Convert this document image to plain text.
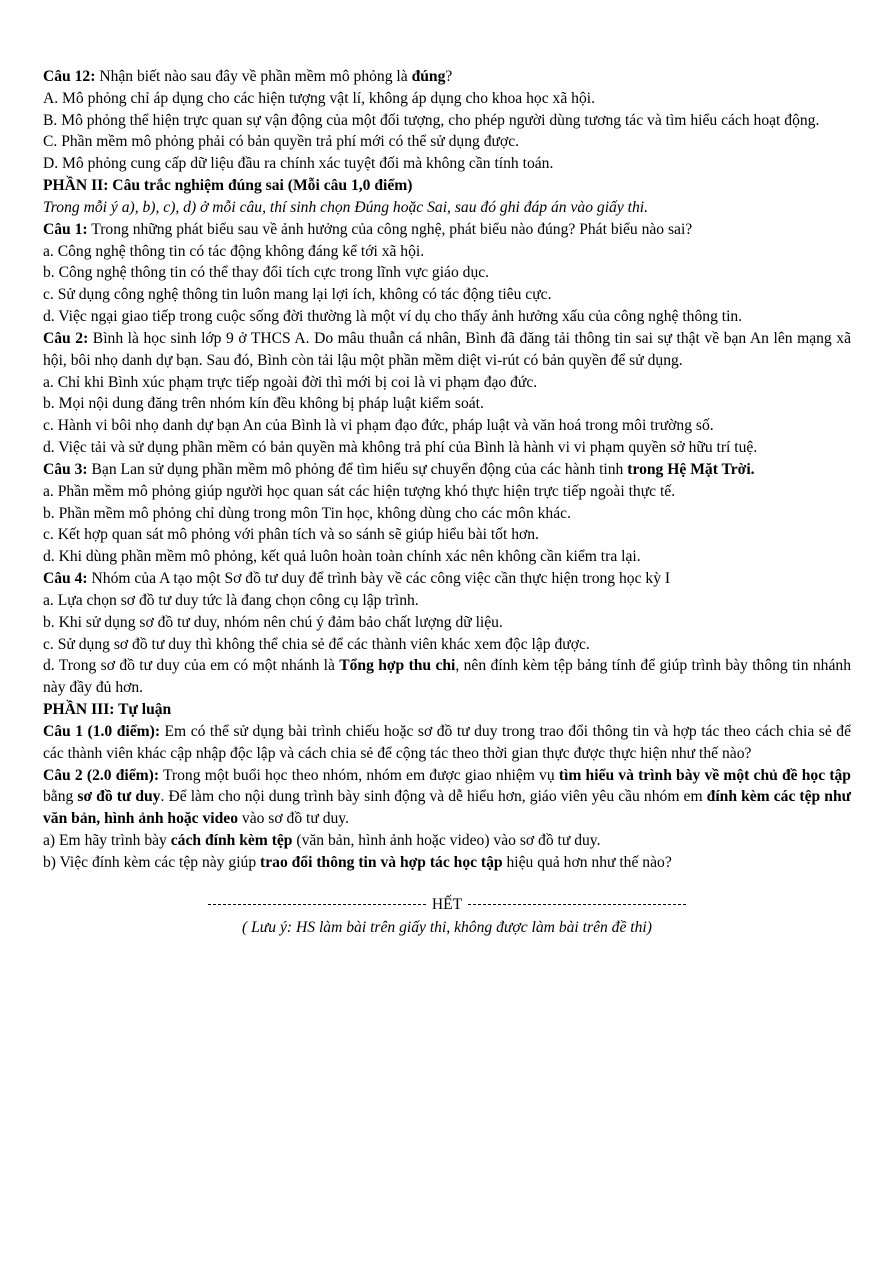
Câu 12: Nhận biết nào sau đây về phần mềm mô phỏng là đúng?

A. Mô phỏng chỉ áp dụng cho các hiện tượng vật lí, không áp dụng cho khoa học xã hội.

B. Mô phỏng thể hiện trực quan sự vận động của một đối tượng, cho phép người dùng tương tác và tìm hiểu cách hoạt động.

C. Phần mềm mô phỏng phải có bản quyền trả phí mới có thể sử dụng được.

D. Mô phỏng cung cấp dữ liệu đầu ra chính xác tuyệt đối mà không cần tính toán.

PHẦN II: Câu trắc nghiệm đúng sai (Mỗi câu 1,0 điểm)

Trong mỗi ý a), b), c), d) ở mỗi câu, thí sinh chọn Đúng hoặc Sai, sau đó ghi đáp án vào giấy thi.

Câu 1: Trong những phát biểu sau về ảnh hưởng của công nghệ, phát biểu nào đúng? Phát biểu nào sai?

a. Công nghệ thông tin có tác động không đáng kể tới xã hội.

b. Công nghệ thông tin có thể thay đổi tích cực trong lĩnh vực giáo dục.

c. Sử dụng công nghệ thông tin luôn mang lại lợi ích, không có tác động tiêu cực.

d. Việc ngại giao tiếp trong cuộc sống đời thường là một ví dụ cho thấy ảnh hưởng xấu của công nghệ thông tin.

Câu 2: Bình là học sinh lớp 9 ở THCS A. Do mâu thuẫn cá nhân, Bình đã đăng tải thông tin sai sự thật về bạn An lên mạng xã hội, bôi nhọ danh dự bạn. Sau đó, Bình còn tải lậu một phần mềm diệt vi-rút có bản quyền để sử dụng.

a. Chỉ khi Bình xúc phạm trực tiếp ngoài đời thì mới bị coi là vi phạm đạo đức.

b. Mọi nội dung đăng trên nhóm kín đều không bị pháp luật kiểm soát.

c. Hành vi bôi nhọ danh dự bạn An của Bình là vi phạm đạo đức, pháp luật và văn hoá trong môi trường số.

d. Việc tải và sử dụng phần mềm có bản quyền mà không trả phí của Bình là hành vi vi phạm quyền sở hữu trí tuệ.

Câu 3: Bạn Lan sử dụng phần mềm mô phỏng để tìm hiểu sự chuyển động của các hành tinh trong Hệ Mặt Trời.

a. Phần mềm mô phỏng giúp người học quan sát các hiện tượng khó thực hiện trực tiếp ngoài thực tế.

b. Phần mềm mô phỏng chỉ dùng trong môn Tin học, không dùng cho các môn khác.

c. Kết hợp quan sát mô phỏng với phân tích và so sánh sẽ giúp hiểu bài tốt hơn.

d. Khi dùng phần mềm mô phỏng, kết quả luôn hoàn toàn chính xác nên không cần kiểm tra lại.

Câu 4: Nhóm của A tạo một Sơ đồ tư duy để trình bày về các công việc cần thực hiện trong học kỳ I

a. Lựa chọn sơ đồ tư duy tức là đang chọn công cụ lập trình.

b. Khi sử dụng sơ đồ tư duy, nhóm nên chú ý đảm bảo chất lượng dữ liệu.

c. Sử dụng sơ đồ tư duy thì không thể chia sẻ để các thành viên khác xem độc lập được.

d. Trong sơ đồ tư duy của em có một nhánh là Tổng hợp thu chi, nên đính kèm tệp bảng tính để giúp trình bày thông tin nhánh này đầy đủ hơn.

PHẦN III: Tự luận

Câu 1 (1.0 điểm): Em có thể sử dụng bài trình chiếu hoặc sơ đồ tư duy trong trao đổi thông tin và hợp tác theo cách chia sẻ để các thành viên khác cập nhập độc lập và cách chia sẻ để cộng tác theo thời gian thực được thực hiện như thế nào?

Câu 2 (2.0 điểm): Trong một buổi học theo nhóm, nhóm em được giao nhiệm vụ tìm hiểu và trình bày về một chủ đề học tập bằng sơ đồ tư duy. Để làm cho nội dung trình bày sinh động và dễ hiểu hơn, giáo viên yêu cầu nhóm em đính kèm các tệp như văn bản, hình ảnh hoặc video vào sơ đồ tư duy.

a) Em hãy trình bày cách đính kèm tệp (văn bản, hình ảnh hoặc video) vào sơ đồ tư duy.

b) Việc đính kèm các tệp này giúp trao đổi thông tin và hợp tác học tập hiệu quả hơn như thế nào?

HẾT

( Lưu ý: HS làm bài trên giấy thi, không được làm bài trên đề thi)
